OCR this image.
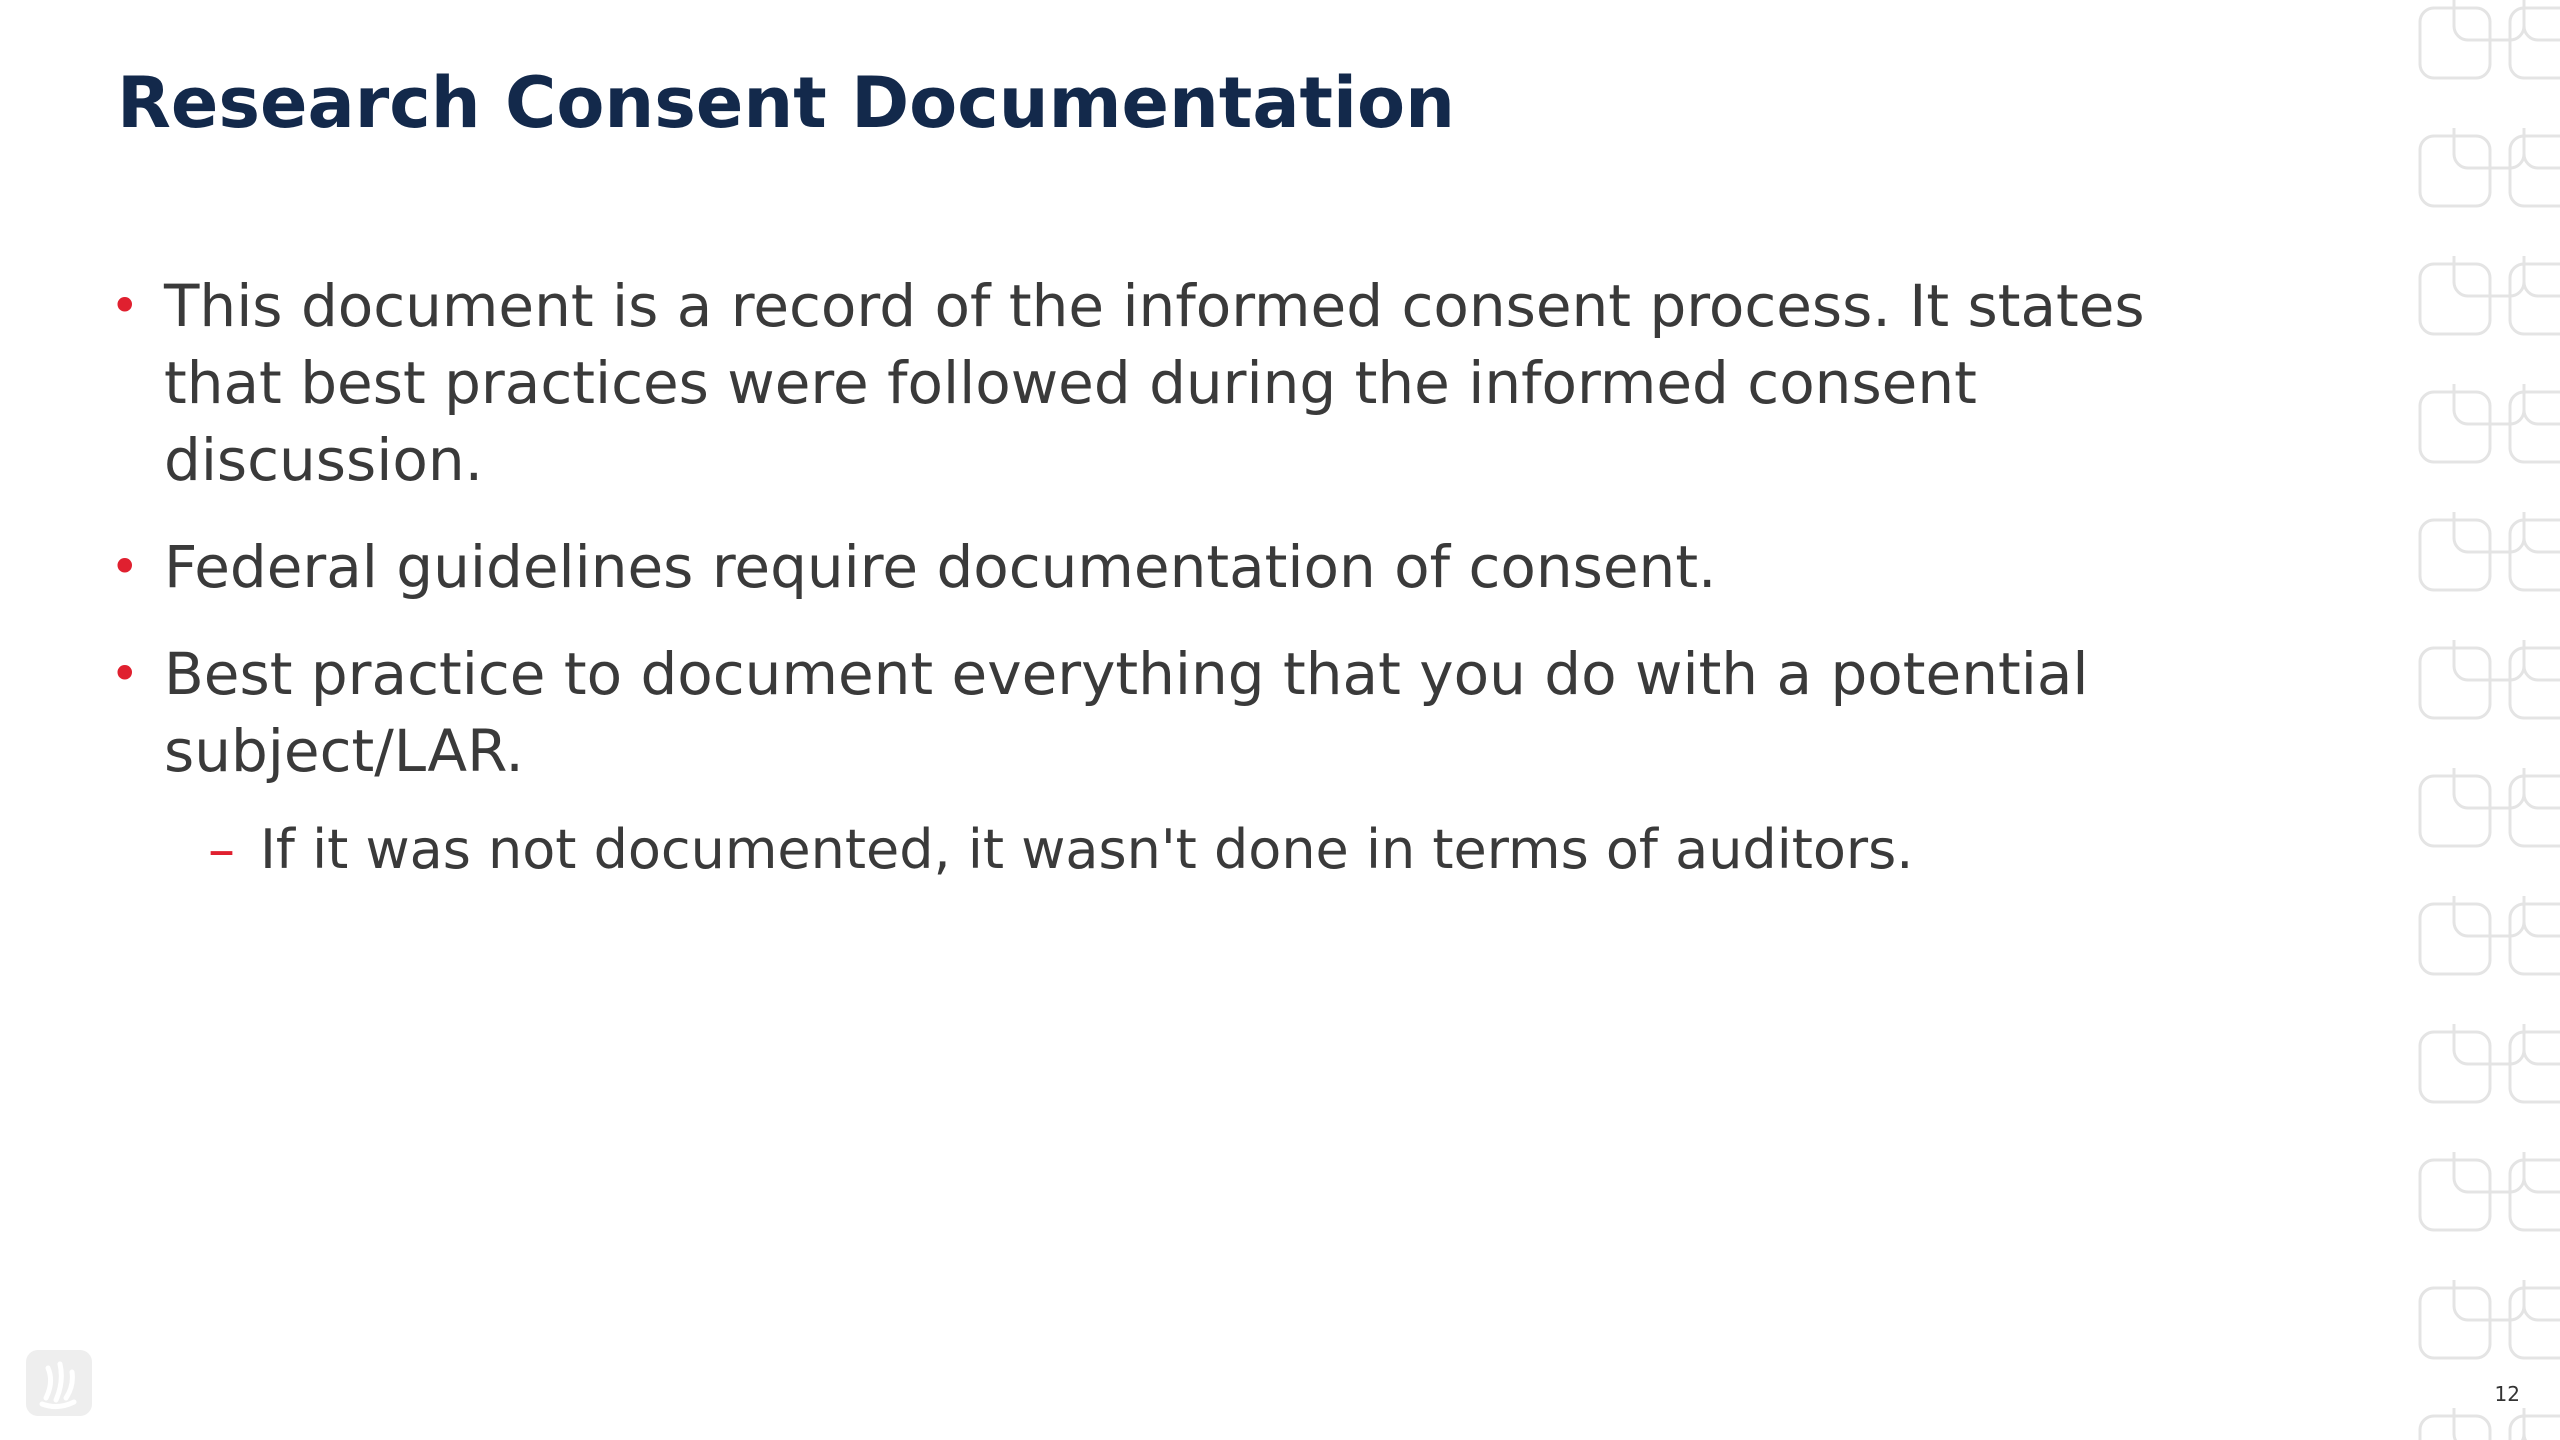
Research Consent Documentation
• This document is a record of the informed consent process. It states that best practices were followed during the informed consent discussion.
• Federal guidelines require documentation of consent.
• Best practice to document everything that you do with a potential subject/LAR.
– If it was not documented, it wasn't done in terms of auditors.
12
